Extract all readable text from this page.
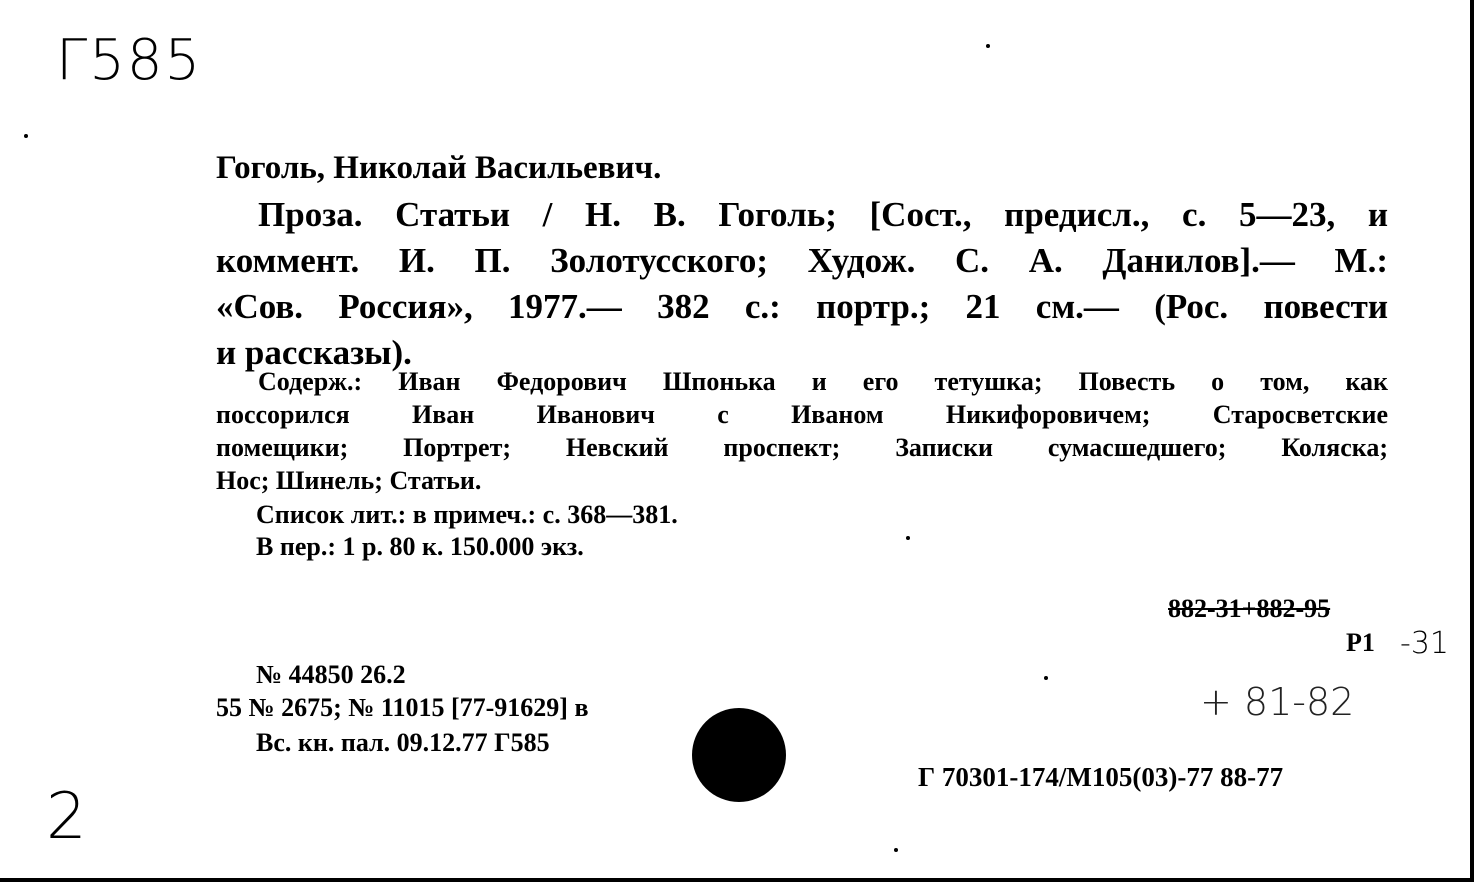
Г585
Гоголь, Николай Васильевич.
Проза. Статьи / Н. В. Гоголь; [Сост., предисл., с. 5—23, и
коммент. И. П. Золотусского; Худож. С. А. Данилов].— М.:
«Сов. Россия», 1977.— 382 с.: портр.; 21 см.— (Рос. повести
и рассказы).
Содерж.: Иван Федорович Шпонька и его тетушка; Повесть о том, как
поссорился Иван Иванович с Иваном Никифоровичем; Старосветские
помещики; Портрет; Невский проспект; Записки сумасшедшего; Коляска;
Нос; Шинель; Статьи.
Список лит.: в примеч.: с. 368—381.
В пер.: 1 р. 80 к. 150.000 экз.
882-31+882-95
Р1 -31
+ 81-82
№ 44850 26.2
55 № 2675; № 11015 [77-91629] в
Вс. кн. пал. 09.12.77 Г585
Г 70301-174/М105(03)-77 88-77
2
